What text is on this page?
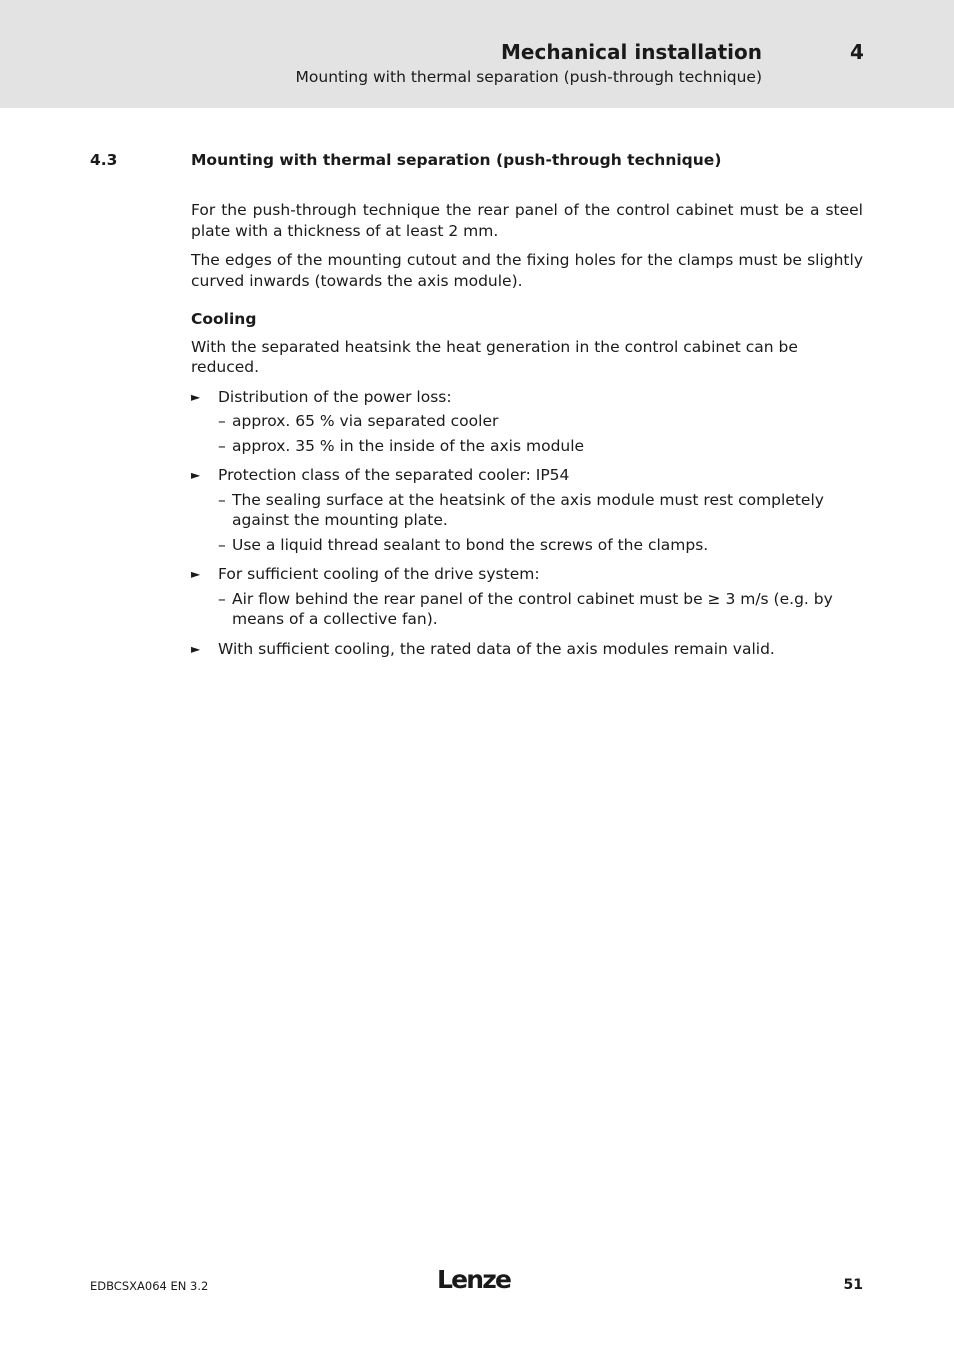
Mechanical installation
Mounting with thermal separation (push-through technique)
4
4.3	Mounting with thermal separation (push-through technique)

For the push-through technique the rear panel of the control cabinet must be a steel plate with a thickness of at least 2 mm.

The edges of the mounting cutout and the fixing holes for the clamps must be slightly curved inwards (towards the axis module).

Cooling

With the separated heatsink the heat generation in the control cabinet can be reduced.

► Distribution of the power loss:
– approx. 65 % via separated cooler
– approx. 35 % in the inside of the axis module
► Protection class of the separated cooler: IP54
– The sealing surface at the heatsink of the axis module must rest completely against the mounting plate.
– Use a liquid thread sealant to bond the screws of the clamps.
► For sufficient cooling of the drive system:
– Air flow behind the rear panel of the control cabinet must be ≥ 3 m/s (e.g. by means of a collective fan).
► With sufficient cooling, the rated data of the axis modules remain valid.
EDBCSXA064 EN 3.2	Lenze	51
